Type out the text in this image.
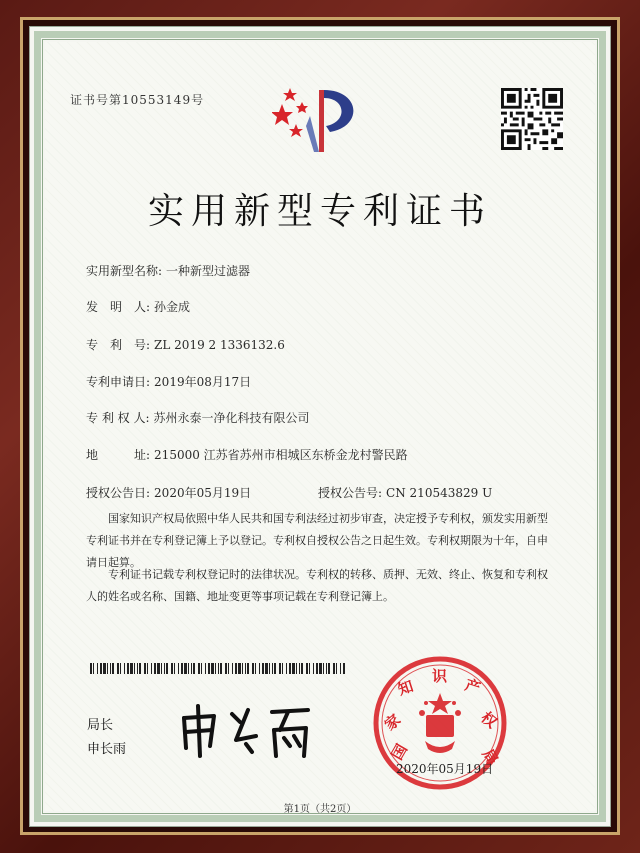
证书号第10553149号
实用新型专利证书
实用新型名称: 一种新型过滤器
发　明　人: 孙金成
专　利　号: ZL 2019 2 1336132.6
专利申请日: 2019年08月17日
专 利 权 人: 苏州永泰一净化科技有限公司
地　　　址: 215000 江苏省苏州市相城区东桥金龙村警民路
授权公告日: 2020年05月19日	授权公告号: CN 210543829 U
国家知识产权局依照中华人民共和国专利法经过初步审查，决定授予专利权，颁发实用新型专利证书并在专利登记簿上予以登记。专利权自授权公告之日起生效。专利权期限为十年，自申请日起算。
专利证书记载专利权登记时的法律状况。专利权的转移、质押、无效、终止、恢复和专利权人的姓名或名称、国籍、地址变更等事项记载在专利登记簿上。
局长
申长雨	国
家
知
识 产
权
局
2020年05月19日
第1页（共2页）
